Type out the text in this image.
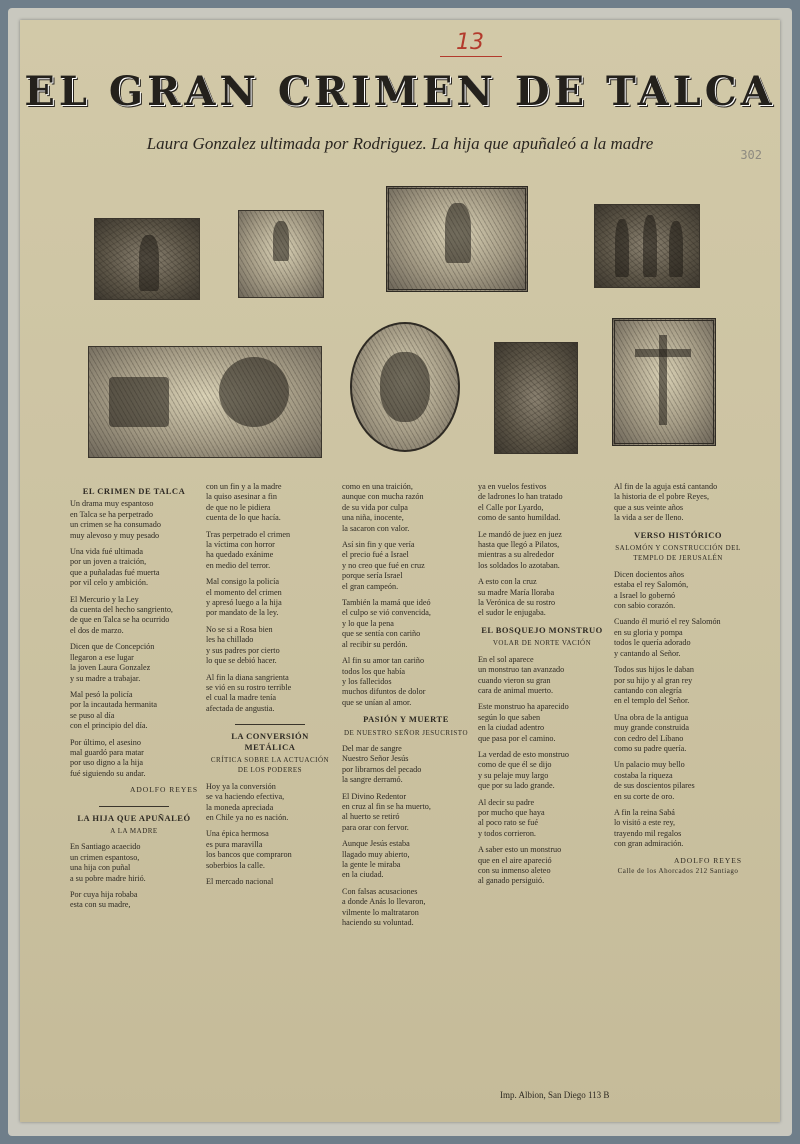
13
302
EL GRAN CRIMEN DE TALCA
Laura Gonzalez ultimada por Rodriguez. La hija que apuñaleó a la madre
EL CRIMEN DE TALCA

Un drama muy espantoso
en Talca se ha perpetrado
un crimen se ha consumado
muy alevoso y muy pesado

Una vida fué ultimada
por un joven a traición,
que a puñaladas fué muerta
por vil celo y ambición.

El Mercurio y la Ley
da cuenta del hecho sangriento,
de que en Talca se ha ocurrido
el dos de marzo.

Dicen que de Concepción
llegaron a ese lugar
la joven Laura Gonzalez
y su madre a trabajar.

Mal pesó la policía
por la incautada hermanita
se puso al día
con el principio del día.

Por último, el asesino
mal guardó para matar
por uso digno a la hija
fué siguiendo su andar.

ADOLFO REYES
LA HIJA QUE APUÑALEÓ
A LA MADRE

En Santiago acaecido
un crimen espantoso,
una hija con puñal
a su pobre madre hirió.

Por cuya hija robaba
esta con su madre,

con un fin y a la madre
la quiso asesinar a fin
de que no le pidiera
cuenta de lo que hacía.

Tras perpetrado el crimen
la víctima con horror
ha quedado exánime
en medio del terror.

Mal consigo la policía
el momento del crimen
y apresó luego a la hija
por mandato de la ley.

No se si a Rosa bien
les ha chillado
y sus padres por cierto
lo que se debió hacer.

Al fin la diana sangrienta
se vió en su rostro terrible
el cual la madre tenía
afectada de angustia.

LA CONVERSIÓN METÁLICA
CRÍTICA SOBRE LA ACTUACIÓN DE LOS PODERES

Hoy ya la conversión
se va haciendo efectiva,
la moneda apreciada
en Chile ya no es nación.

Una épica hermosa
es pura maravilla
los bancos que compraron
soberbios la calle.

El mercado nacional

como en una traición,
aunque con mucha razón
de su vida por culpa
una niña, inocente,
la sacaron con valor.

Así sin fin y que vería
el precio fué a Israel
y no creo que fué en cruz
porque sería Israel
el gran campeón.

También la mamá que ideó
el culpo se vió convencida,
y lo que la pena
que se sentía con cariño
al recibir su perdón.

Al fin su amor tan cariño
todos los que había
y los fallecidos
muchos difuntos de dolor
que se unían al amor.

PASIÓN Y MUERTE
DE NUESTRO SEÑOR JESUCRISTO

Del mar de sangre
Nuestro Señor Jesús
por librarnos del pecado
la sangre derramó.

El Divino Redentor
en cruz al fin se ha muerto,
al huerto se retiró
para orar con fervor.

Aunque Jesús estaba
llagado muy abierto,
la gente le miraba
en la ciudad.

Con falsas acusaciones
a donde Anás lo llevaron,
vilmente lo maltrataron
haciendo su voluntad.

ya en vuelos festivos
de ladrones lo han tratado
el Calle por Lyardo,
como de santo humildad.

Le mandó de juez en juez
hasta que llegó a Pilatos,
mientras a su alrededor
los soldados lo azotaban.

A esto con la cruz
su madre María lloraba
la Verónica de su rostro
el sudor le enjugaba.

EL BOSQUEJO MONSTRUO
VOLAR DE NORTE VACIÓN

En el sol aparece
un monstruo tan avanzado
cuando vieron su gran
cara de animal muerto.

Este monstruo ha aparecido
según lo que saben
en la ciudad adentro
que pasa por el camino.

La verdad de esto monstruo
como de que él se dijo
y su pelaje muy largo
que por su lado grande.

Al decir su padre
por mucho que haya
al poco rato se fué
y todos corrieron.

A saber esto un monstruo
que en el aire apareció
con su inmenso aleteo
al ganado persiguió.

Al fin de la aguja está cantando
la historia de el pobre Reyes,
que a sus veinte años
la vida a ser de lleno.

VERSO HISTÓRICO
SALOMÓN Y CONSTRUCCIÓN DEL TEMPLO DE JERUSALÉN

Dicen docientos años
estaba el rey Salomón,
a Israel lo gobernó
con sabio corazón.

Cuando él murió el rey Salomón
en su gloria y pompa
todos le quería adorado
y cantando al Señor.

Todos sus hijos le daban
por su hijo y al gran rey
cantando con alegría
en el templo del Señor.

Una obra de la antigua
muy grande construida
con cedro del Líbano
como su padre quería.

Un palacio muy bello
costaba la riqueza
de sus doscientos pilares
en su corte de oro.

A fin la reina Sabá
lo visitó a este rey,
trayendo mil regalos
con gran admiración.

ADOLFO REYES
Calle de los Ahorcados 212 Santiago
Imp. Albion, San Diego 113 B
